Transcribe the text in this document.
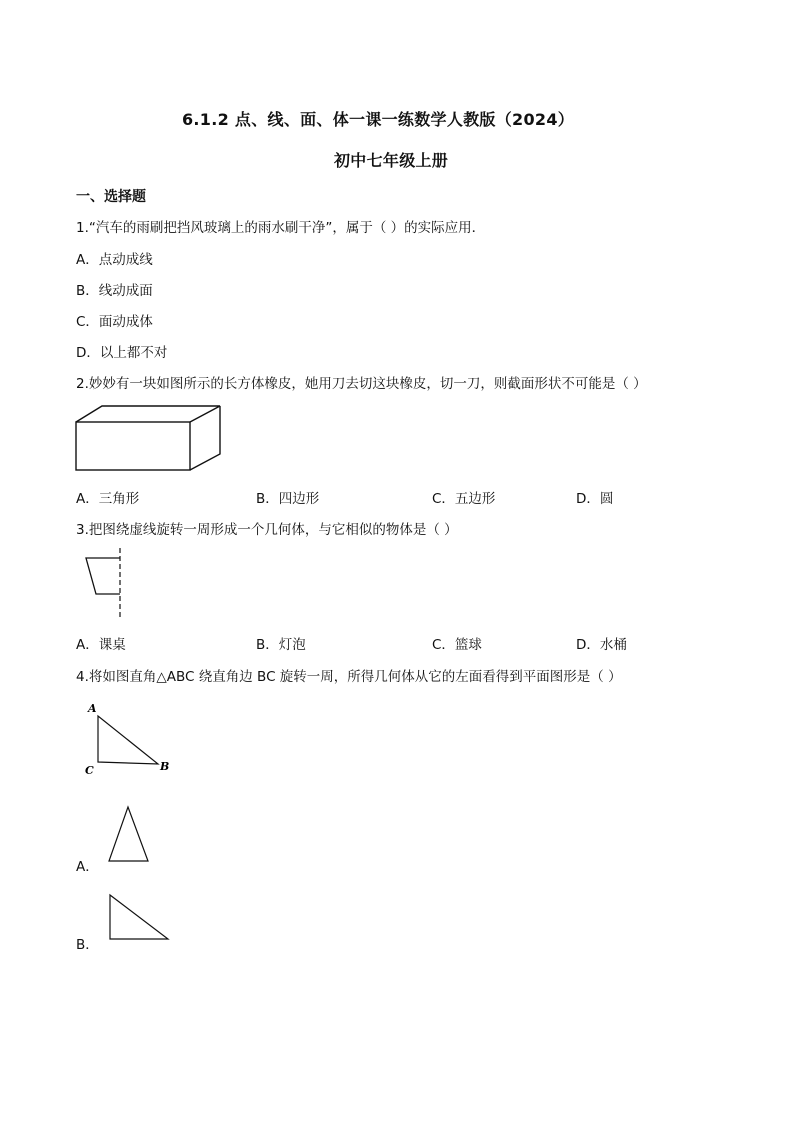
6.1.2 点、线、面、体一课一练数学人教版（2024）
初中七年级上册
一、选择题
1.“汽车的雨刷把挡风玻璃上的雨水刷干净”，属于（ ）的实际应用．
A．点动成线
B．线动成面
C．面动成体
D．以上都不对
2.妙妙有一块如图所示的长方体橡皮，她用刀去切这块橡皮，切一刀，则截面形状不可能是（ ）
A．三角形	B．四边形	C．五边形	D．圆
3.把图绕虚线旋转一周形成一个几何体，与它相似的物体是（ ）
A．课桌	B．灯泡	C．篮球	D．水桶
4.将如图直角△ABC 绕直角边 BC 旋转一周，所得几何体从它的左面看得到平面图形是（ ）
A
C	B
A．
B．
